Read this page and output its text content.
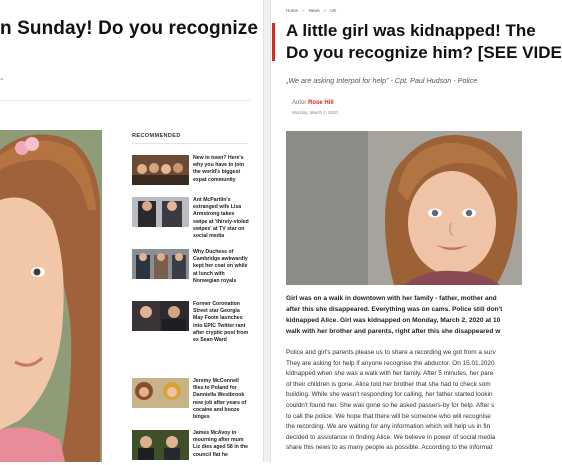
n Sunday! Do you recognize
-
RECOMMENDED
New in town? Here's why you have to join the world's biggest expat community
Ant McPartlin's estranged wife Lisa Armstrong takes swipe at 'thirsty-violed swipes' at TV star on social media
Why Duchess of Cambridge awkwardly kept her coat on while at lunch with Norwegian royals
Former Coronation Street star Georgia May Foote launches into EPIC Twitter rant after cryptic post from ex Sean Ward
Jeremy McConnell flies to Poland for Danniella Westbrook new job after years of cocaine and booze binges
James McAvoy in mourning after mum Liz dies aged 58 in the council flat he
Home » News » UK
A little girl was kidnapped! The
Do you recognize him? [SEE VIDE
„We are asking Interpol for help” - Cpt. Paul Hudson - Police
Autor Rose Hill
Monday, March 2, 2020
Girl was on a walk in downtown with her family - father, mother and
after this she disappeared. Everything was on cams. Police still don't
kidnapped Alice. Girl was kidnapped on Monday, March 2, 2020 at 10
walk with her brother and parents, right after this she disappeared w
Police and girl's parents please us to share a recording we got from a surv
They are asking for help if anyone recognise the abductor. On 15.01.2020
kidnapped when she was a walk with her family. After 5 minutes, her pare
of their children is gone. Alice told her brother that she had to check som
building. While she wasn't responding for calling, her father started lookin
couldn't found her. She was gone so he asked passers-by for help. After s
to call the police. We hope that there will be someone who will recognise
the recording. We are waiting for any information which will help us in fin
decided to assistance in finding Alice. We believe in power of social media
share this news to as many people as possible. According to the informat
